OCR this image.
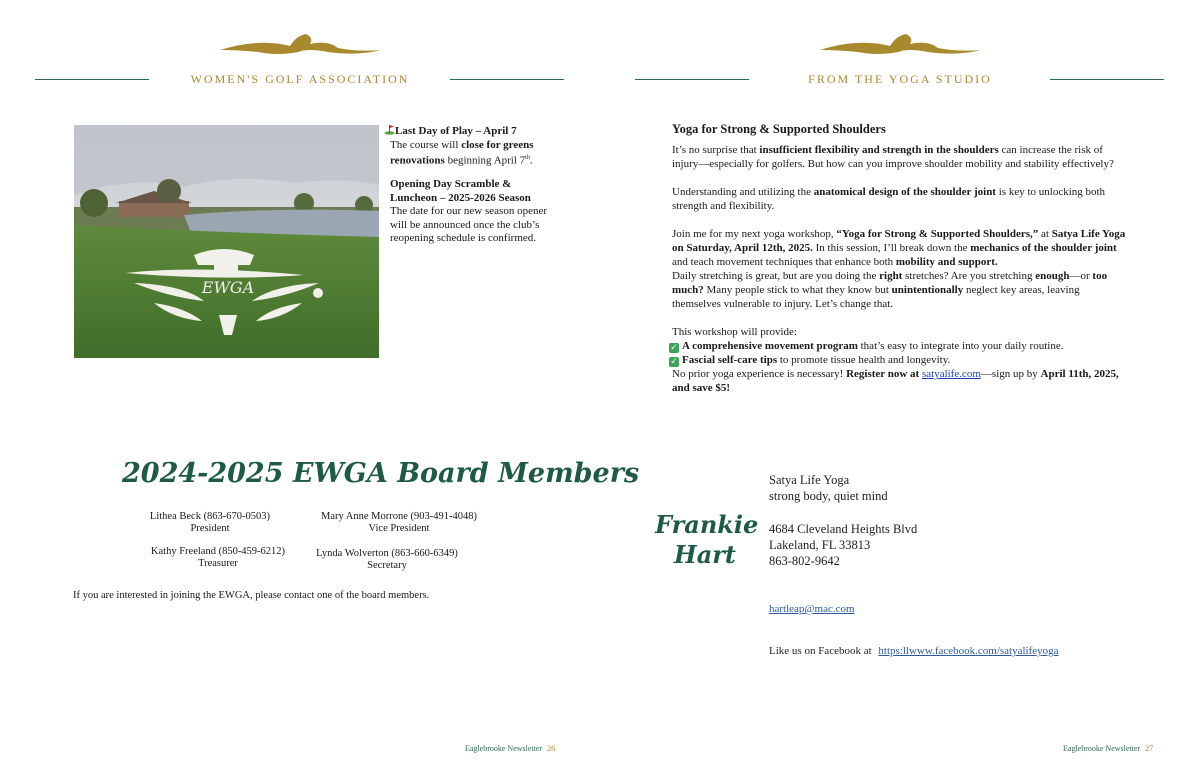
WOMEN'S GOLF ASSOCIATION	FROM THE YOGA STUDIO
EWGA
Last Day of Play – April 7
The course will close for greens renovations beginning April 7th.
Opening Day Scramble & Luncheon – 2025-2026 Season
The date for our new season opener will be announced once the club’s reopening schedule is confirmed.
2024-2025 EWGA Board Members
Lithea Beck (863-670-0503)
President
Mary Anne Morrone (903-491-4048)
Vice President
Kathy Freeland (850-459-6212)
Treasurer
Lynda Wolverton (863-660-6349)
Secretary
If you are interested in joining the EWGA, please contact one of the board members.
Yoga for Strong & Supported Shoulders

It’s no surprise that insufficient flexibility and strength in the shoulders can increase the risk of injury—especially for golfers. But how can you improve shoulder mobility and stability effectively?

Understanding and utilizing the anatomical design of the shoulder joint is key to unlocking both strength and flexibility.

Join me for my next yoga workshop, “Yoga for Strong & Supported Shoulders,” at Satya Life Yoga on Saturday, April 12th, 2025. In this session, I’ll break down the mechanics of the shoulder joint and teach movement techniques that enhance both mobility and support.
Daily stretching is great, but are you doing the right stretches? Are you stretching enough—or too much? Many people stick to what they know but unintentionally neglect key areas, leaving themselves vulnerable to injury. Let’s change that.

This workshop will provide:
✓ A comprehensive movement program that’s easy to integrate into your daily routine.
✓ Fascial self-care tips to promote tissue health and longevity.
No prior yoga experience is necessary! Register now at satyalife.com—sign up by April 11th, 2025, and save $5!

Frankie
Hart
Satya Life Yoga
strong body, quiet mind
4684 Cleveland Heights Blvd
Lakeland, FL 33813
863-802-9642
hartleap@mac.com
Like us on Facebook at https:llwww.facebook.com/satyalifeyoga
Eaglebrooke Newsletter 26	Eaglebrooke Newsletter 27
